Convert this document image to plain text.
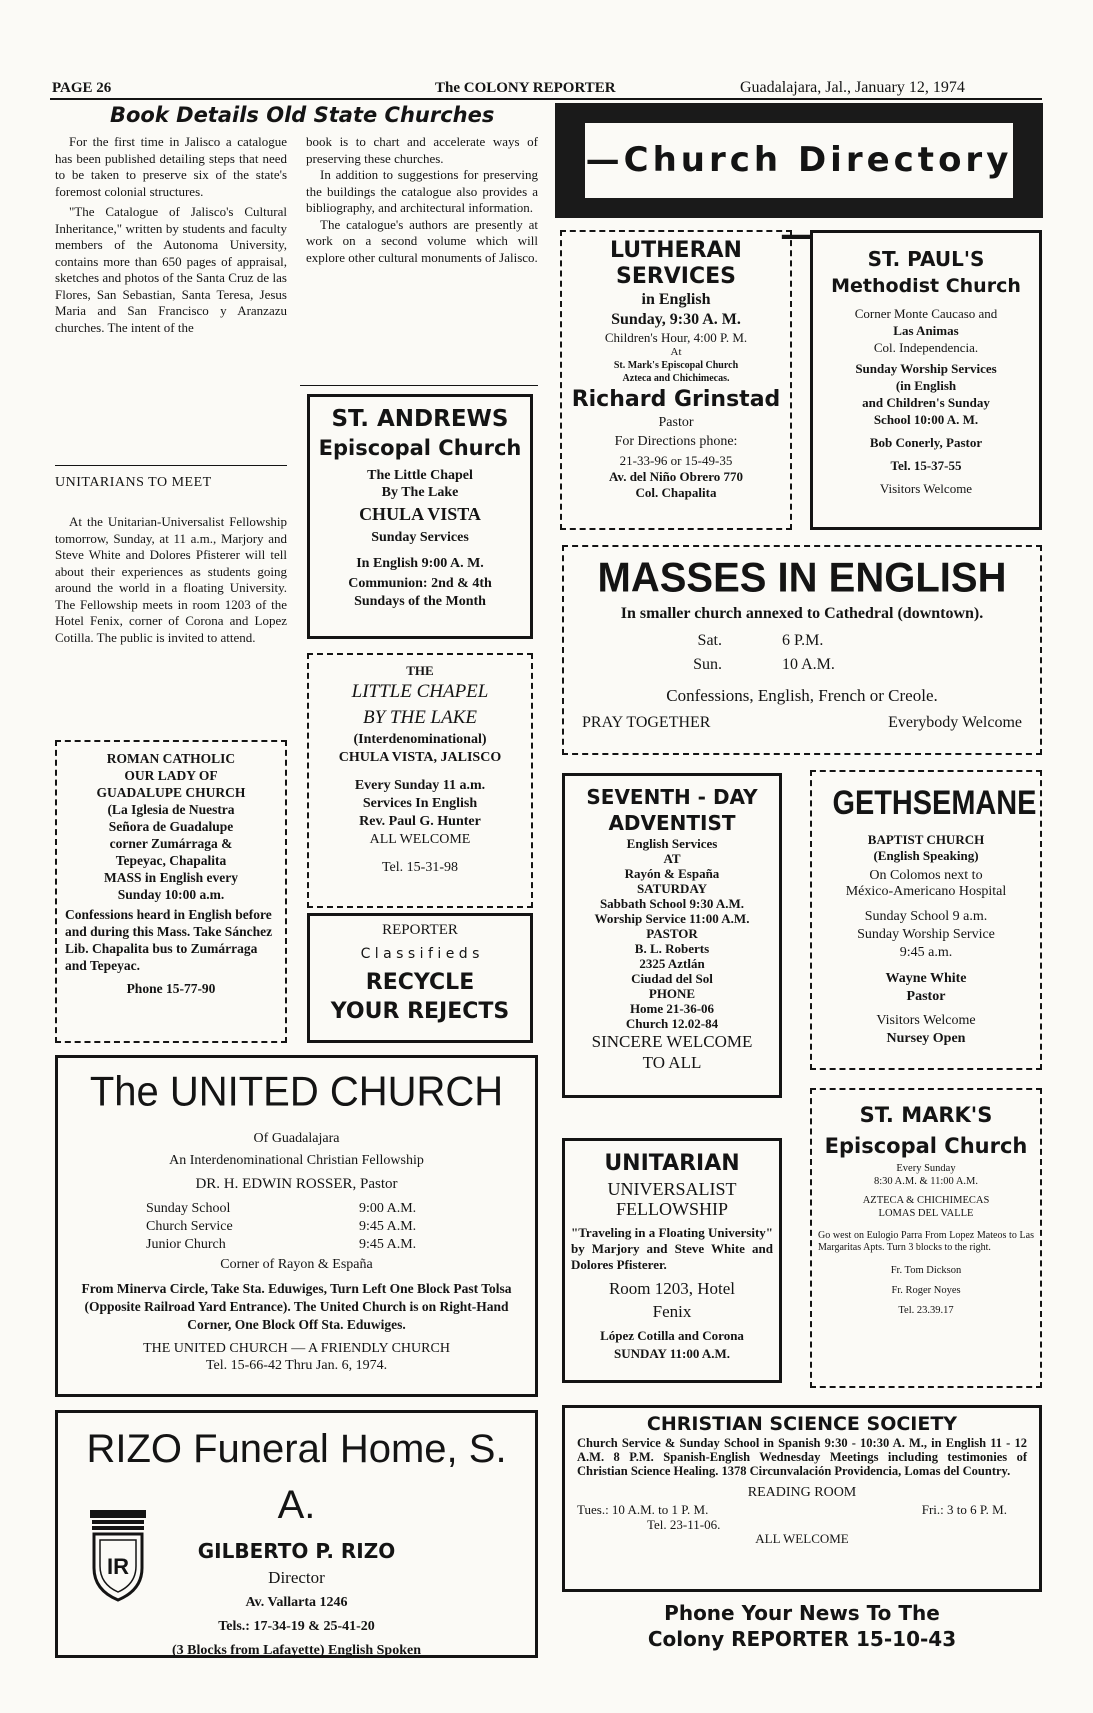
PAGE 26	The COLONY REPORTER	Guadalajara, Jal., January 12, 1974
Book Details Old State Churches

For the first time in Jalisco a catalogue has been published detailing steps that need to be taken to preserve six of the state's foremost colonial structures.

"The Catalogue of Jalisco's Cultural Inheritance," written by students and faculty members of the Autonoma University, contains more than 650 pages of appraisal, sketches and photos of the Santa Cruz de las Flores, San Sebastian, Santa Teresa, Jesus Maria and San Francisco y Aranzazu churches. The intent of the

book is to chart and accelerate ways of preserving these churches.

In addition to suggestions for preserving the buildings the catalogue also provides a bibliography, and architectural information.

The catalogue's authors are presently at work on a second volume which will explore other cultural monuments of Jalisco.

UNITARIANS TO MEET
At the Unitarian-Universalist Fellowship tomorrow, Sunday, at 11 a.m., Marjory and Steve White and Dolores Pfisterer will tell about their experiences as students going around the world in a floating University. The Fellowship meets in room 1203 of the Hotel Fenix, corner of Corona and Lopez Cotilla. The public is invited to attend.

ROMAN CATHOLIC

OUR LADY OF

GUADALUPE CHURCH

(La Iglesia de Nuestra

Señora de Guadalupe

corner Zumárraga &

Tepeyac, Chapalita

MASS in English every

Sunday 10:00 a.m.

Confessions heard in English before and during this Mass. Take Sánchez Lib. Chapalita bus to Zumárraga and Tepeyac.

Phone 15-77-90

ST. ANDREWS

Episcopal Church

The Little Chapel

By The Lake

CHULA VISTA

Sunday Services

In English 9:00 A. M.

Communion: 2nd & 4th

Sundays of the Month

THE

LITTLE CHAPEL

BY THE LAKE

(Interdenominational)

CHULA VISTA, JALISCO

Every Sunday 11 a.m.

Services In English

Rev. Paul G. Hunter

ALL WELCOME

Tel. 15-31-98

REPORTER

C l a s s i f i e d s

RECYCLE

YOUR REJECTS

—Church Directory—

LUTHERAN

SERVICES

in English

Sunday, 9:30 A. M.

Children's Hour, 4:00 P. M.

At

St. Mark's Episcopal Church

Azteca and Chichimecas.

Richard Grinstad

Pastor

For Directions phone:

21-33-96 or 15-49-35

Av. del Niño Obrero 770

Col. Chapalita

ST. PAUL'S

Methodist Church

Corner Monte Caucaso and

Las Animas

Col. Independencia.

Sunday Worship Services

(in English

and Children's Sunday

School 10:00 A. M.

Bob Conerly, Pastor

Tel. 15-37-55

Visitors Welcome

MASSES IN ENGLISH

In smaller church annexed to Cathedral (downtown).

Sat.	6 P.M.
Sun.	10 A.M.

Confessions, English, French or Creole.

PRAY TOGETHER	Everybody Welcome

SEVENTH - DAY

ADVENTIST

English Services

AT

Rayón & España

SATURDAY

Sabbath School 9:30 A.M.

Worship Service 11:00 A.M.

PASTOR

B. L. Roberts

2325 Aztlán

Ciudad del Sol

PHONE

Home 21-36-06

Church 12.02-84

SINCERE WELCOME

TO ALL

GETHSEMANE

BAPTIST CHURCH

(English Speaking)

On Colomos next to

México-Americano Hospital

Sunday School 9 a.m.

Sunday Worship Service

9:45 a.m.

Wayne White

Pastor

Visitors Welcome

Nursey Open

The UNITED CHURCH

Of Guadalajara

An Interdenominational Christian Fellowship

DR. H. EDWIN ROSSER, Pastor

Sunday School	9:00 A.M.
Church Service	9:45 A.M.
Junior Church	9:45 A.M.

Corner of Rayon & España

From Minerva Circle, Take Sta. Eduwiges, Turn Left One Block Past Tolsa (Opposite Railroad Yard Entrance). The United Church is on Right-Hand Corner, One Block Off Sta. Eduwiges.

THE UNITED CHURCH — A FRIENDLY CHURCH

Tel. 15-66-42 Thru Jan. 6, 1974.

UNITARIAN

UNIVERSALIST

FELLOWSHIP

"Traveling in a Floating University" by Marjory and Steve White and Dolores Pfisterer.

Room 1203, Hotel

Fenix

López Cotilla and Corona

SUNDAY 11:00 A.M.

ST. MARK'S

Episcopal Church

Every Sunday

8:30 A.M. & 11:00 A.M.

AZTECA & CHICHIMECAS

LOMAS DEL VALLE

Go west on Eulogio Parra From Lopez Mateos to Las Margaritas Apts. Turn 3 blocks to the right.

Fr. Tom Dickson

Fr. Roger Noyes

Tel. 23.39.17

RIZO Funeral Home, S. A.

IR

GILBERTO P. RIZO

Director

Av. Vallarta 1246

Tels.: 17-34-19 & 25-41-20

(3 Blocks from Lafayette) English Spoken

CHRISTIAN SCIENCE SOCIETY

Church Service & Sunday School in Spanish 9:30 - 10:30 A. M., in English 11 - 12 A.M. 8 P.M. Spanish-English Wednesday Meetings including testimonies of Christian Science Healing. 1378 Circunvalación Providencia, Lomas del Country.

READING ROOM

Tues.: 10 A.M. to 1 P. M.	Fri.: 3 to 6 P. M.

Tel. 23-11-06.

ALL WELCOME

Phone Your News To The

Colony REPORTER 15-10-43
